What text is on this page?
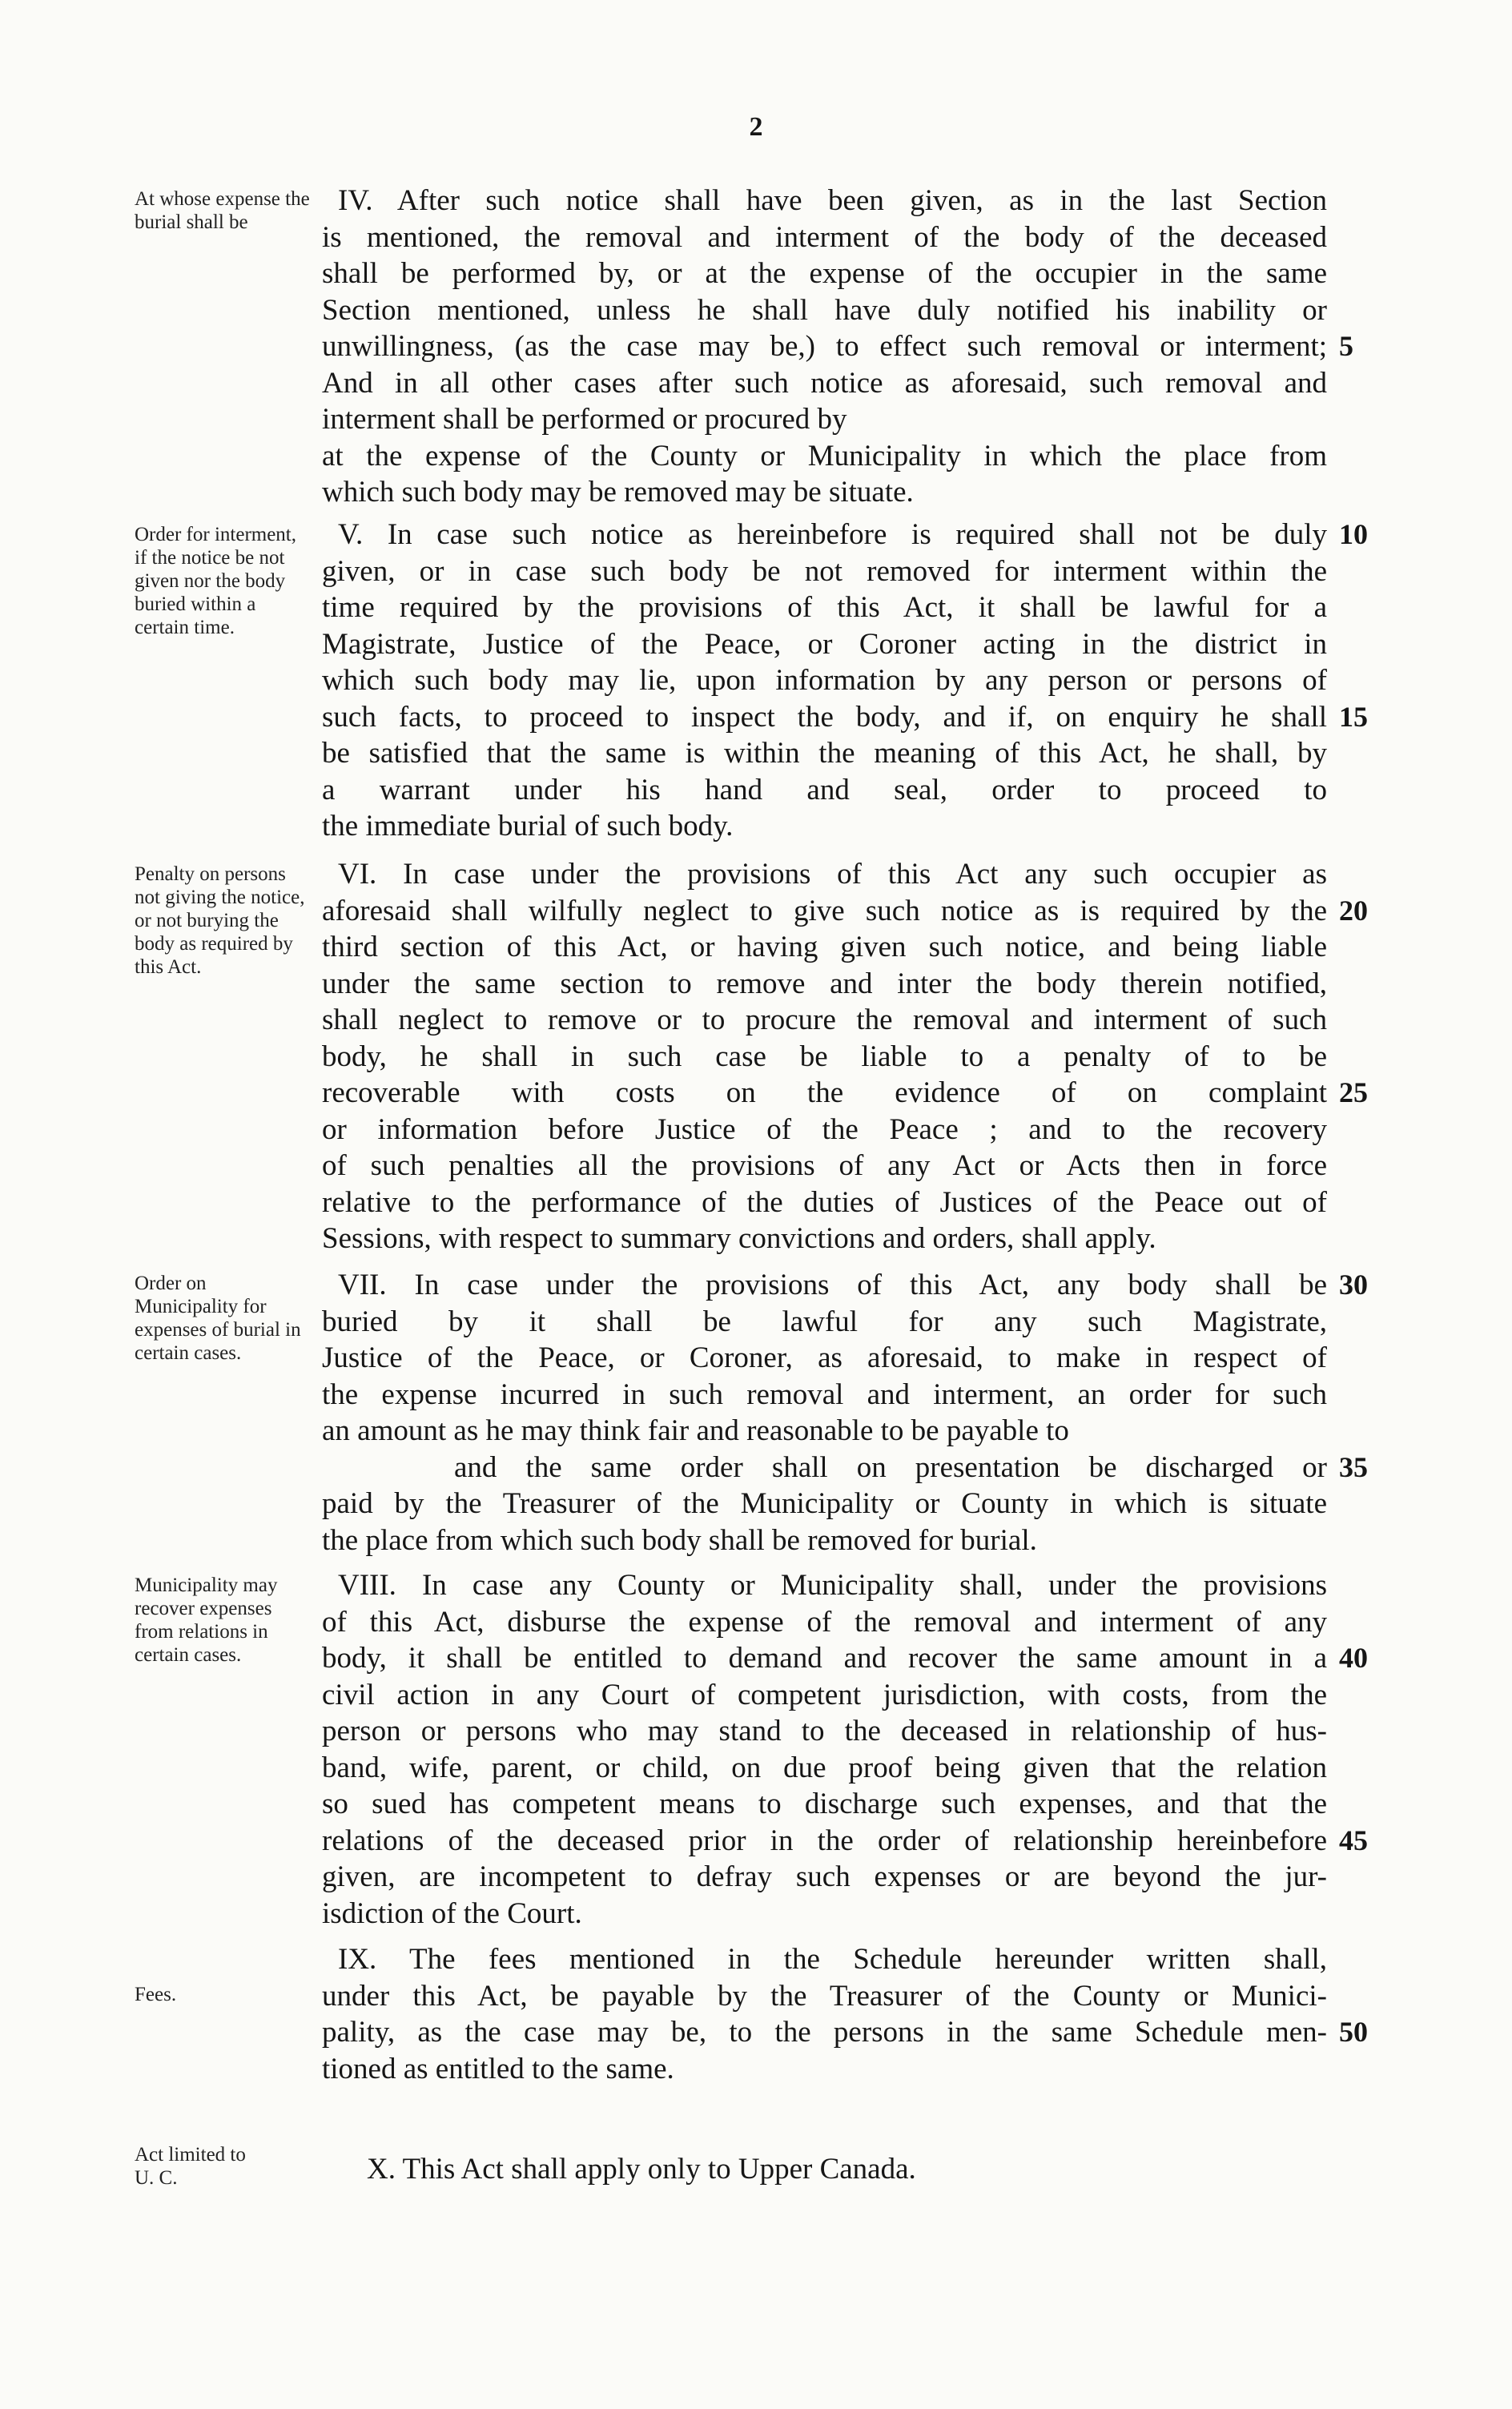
2
At whose expense the burial shall be
IV. After such notice shall have been given, as in the last Section
is mentioned, the removal and interment of the body of the deceased
shall be performed by, or at the expense of the occupier in the same
Section mentioned, unless he shall have duly notified his inability or
unwillingness, (as the case may be,) to effect such removal or interment;
And in all other cases after such notice as aforesaid, such removal and
interment shall be performed or procured by
at the expense of the County or Municipality in which the place from
which such body may be removed may be situate.
5
Order for interment, if the notice be not given nor the body buried within a certain time.
V. In case such notice as hereinbefore is required shall not be duly
given, or in case such body be not removed for interment within the
time required by the provisions of this Act, it shall be lawful for a
Magistrate, Justice of the Peace, or Coroner acting in the district in
which such body may lie, upon information by any person or persons of
such facts, to proceed to inspect the body, and if, on enquiry he shall
be satisfied that the same is within the meaning of this Act, he shall, by
a warrant under his hand and seal, order to proceed to
the immediate burial of such body.
10
15
Penalty on persons not giving the notice, or not burying the body as required by this Act.
VI. In case under the provisions of this Act any such occupier as
aforesaid shall wilfully neglect to give such notice as is required by the
third section of this Act, or having given such notice, and being liable
under the same section to remove and inter the body therein notified,
shall neglect to remove or to procure the removal and interment of such
body, he shall in such case be liable to a penalty of to be
recoverable with costs on the evidence of on complaint
or information before Justice of the Peace ; and to the recovery
of such penalties all the provisions of any Act or Acts then in force
relative to the performance of the duties of Justices of the Peace out of
Sessions, with respect to summary convictions and orders, shall apply.
20
25
Order on Municipality for expenses of burial in certain cases.
VII. In case under the provisions of this Act, any body shall be
buried by it shall be lawful for any such Magistrate,
Justice of the Peace, or Coroner, as aforesaid, to make in respect of
the expense incurred in such removal and interment, an order for such
an amount as he may think fair and reasonable to be payable to
and the same order shall on presentation be discharged or
paid by the Treasurer of the Municipality or County in which is situate
the place from which such body shall be removed for burial.
30
35
Municipality may recover expenses from relations in certain cases.
VIII. In case any County or Municipality shall, under the provisions
of this Act, disburse the expense of the removal and interment of any
body, it shall be entitled to demand and recover the same amount in a
civil action in any Court of competent jurisdiction, with costs, from the
person or persons who may stand to the deceased in relationship of hus-
band, wife, parent, or child, on due proof being given that the relation
so sued has competent means to discharge such expenses, and that the
relations of the deceased prior in the order of relationship hereinbefore
given, are incompetent to defray such expenses or are beyond the jur-
isdiction of the Court.
40
45
Fees.
IX. The fees mentioned in the Schedule hereunder written shall,
under this Act, be payable by the Treasurer of the County or Munici-
pality, as the case may be, to the persons in the same Schedule men-
tioned as entitled to the same.
50
Act limited to U. C.	X. This Act shall apply only to Upper Canada.
